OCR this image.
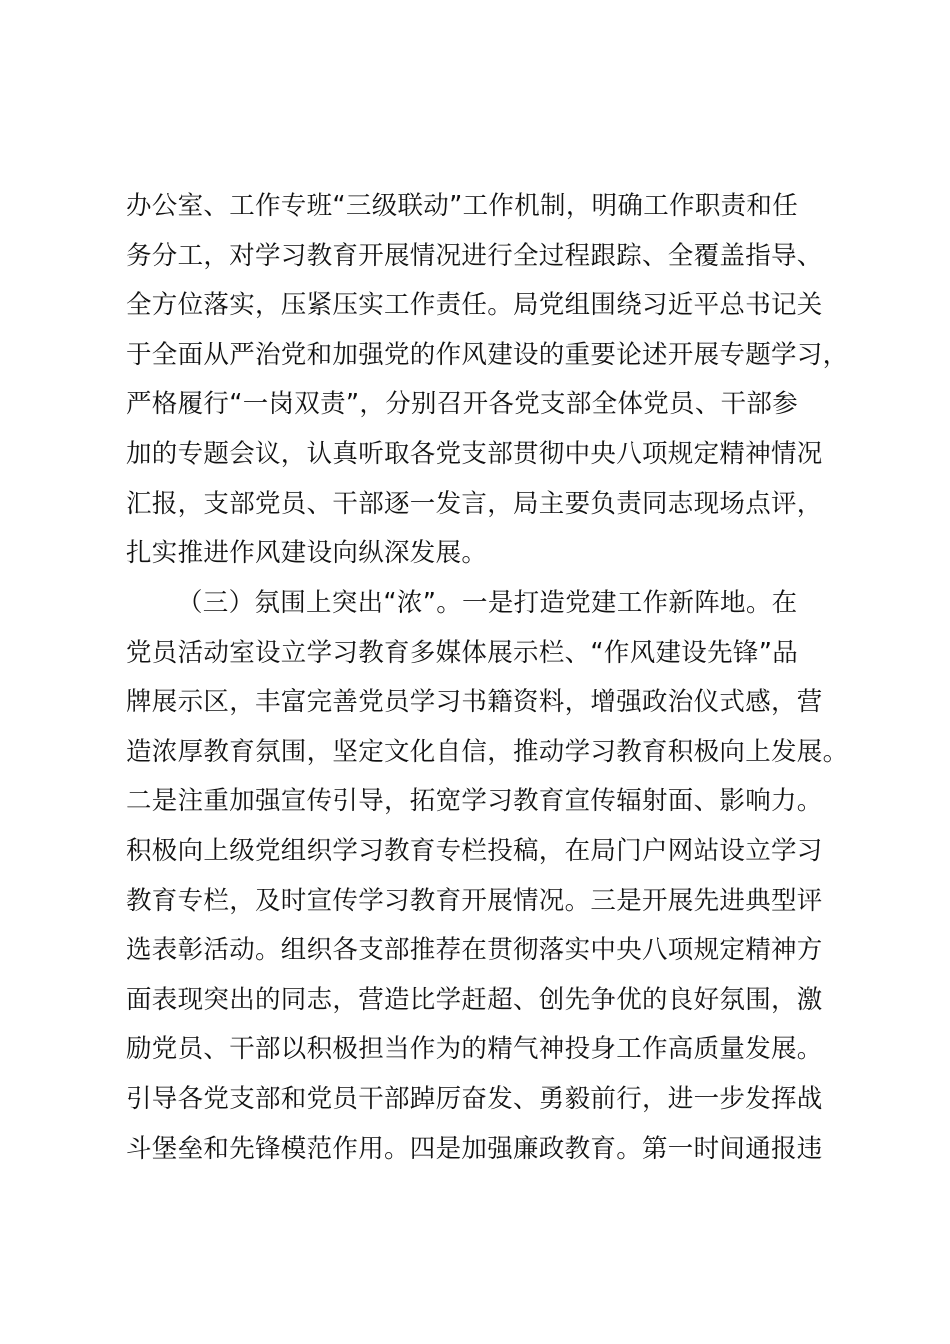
办公室、工作专班“三级联动”工作机制，明确工作职责和任
务分工，对学习教育开展情况进行全过程跟踪、全覆盖指导、
全方位落实，压紧压实工作责任。局党组围绕习近平总书记关
于全面从严治党和加强党的作风建设的重要论述开展专题学习，
严格履行“一岗双责”，分别召开各党支部全体党员、干部参
加的专题会议，认真听取各党支部贯彻中央八项规定精神情况
汇报，支部党员、干部逐一发言，局主要负责同志现场点评，
扎实推进作风建设向纵深发展。
（三）氛围上突出“浓”。一是打造党建工作新阵地。在
党员活动室设立学习教育多媒体展示栏、“作风建设先锋”品
牌展示区，丰富完善党员学习书籍资料，增强政治仪式感，营
造浓厚教育氛围，坚定文化自信，推动学习教育积极向上发展。
二是注重加强宣传引导，拓宽学习教育宣传辐射面、影响力。
积极向上级党组织学习教育专栏投稿，在局门户网站设立学习
教育专栏，及时宣传学习教育开展情况。三是开展先进典型评
选表彰活动。组织各支部推荐在贯彻落实中央八项规定精神方
面表现突出的同志，营造比学赶超、创先争优的良好氛围，激
励党员、干部以积极担当作为的精气神投身工作高质量发展。
引导各党支部和党员干部踔厉奋发、勇毅前行，进一步发挥战
斗堡垒和先锋模范作用。四是加强廉政教育。第一时间通报违
